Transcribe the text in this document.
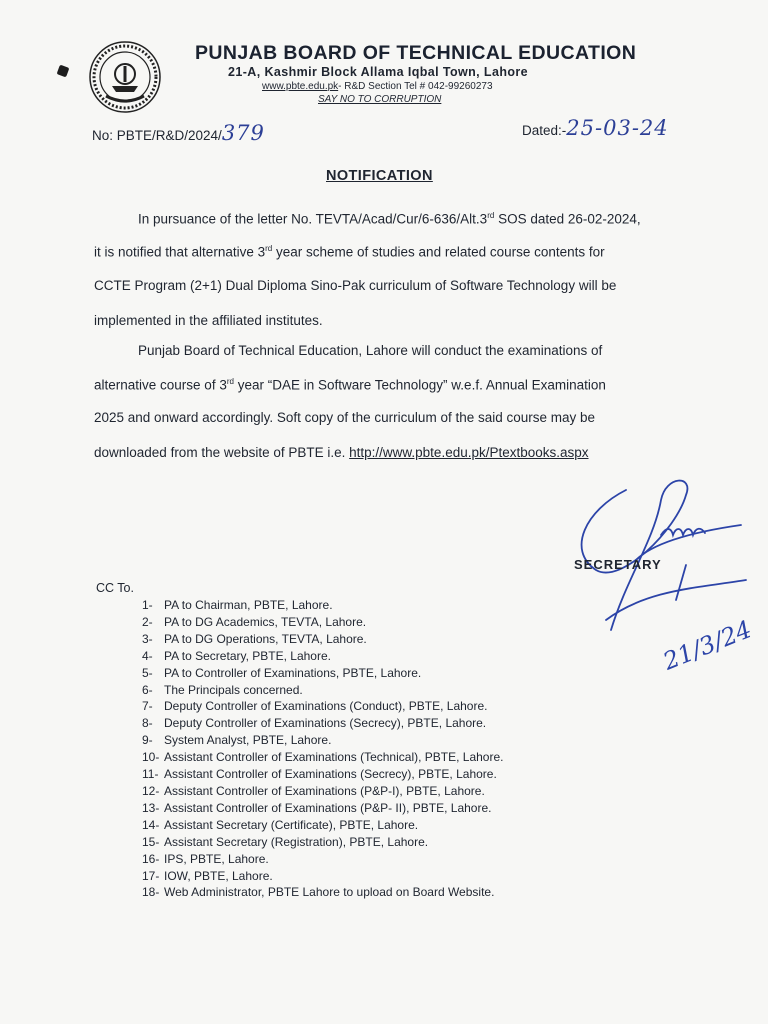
PUNJAB BOARD OF TECHNICAL EDUCATION
21-A, Kashmir Block Allama Iqbal Town, Lahore
www.pbte.edu.pk- R&D Section Tel # 042-99260273
SAY NO TO CORRUPTION
No: PBTE/R&D/2024/379	Dated:-25-03-24
NOTIFICATION
In pursuance of the letter No. TEVTA/Acad/Cur/6-636/Alt.3rd SOS dated 26-02-2024,
it is notified that alternative 3rd year scheme of studies and related course contents for
CCTE Program (2+1) Dual Diploma Sino-Pak curriculum of Software Technology will be
implemented in the affiliated institutes.
Punjab Board of Technical Education, Lahore will conduct the examinations of
alternative course of 3rd year “DAE in Software Technology” w.e.f. Annual Examination
2025 and onward accordingly. Soft copy of the curriculum of the said course may be
downloaded from the website of PBTE i.e. http://www.pbte.edu.pk/Ptextbooks.aspx
21/3/24
SECRETARY
CC To.
1- PA to Chairman, PBTE, Lahore.
2- PA to DG Academics, TEVTA, Lahore.
3- PA to DG Operations, TEVTA, Lahore.
4- PA to Secretary, PBTE, Lahore.
5- PA to Controller of Examinations, PBTE, Lahore.
6- The Principals concerned.
7- Deputy Controller of Examinations (Conduct), PBTE, Lahore.
8- Deputy Controller of Examinations (Secrecy), PBTE, Lahore.
9- System Analyst, PBTE, Lahore.
10- Assistant Controller of Examinations (Technical), PBTE, Lahore.
11- Assistant Controller of Examinations (Secrecy), PBTE, Lahore.
12- Assistant Controller of Examinations (P&P-I), PBTE, Lahore.
13- Assistant Controller of Examinations (P&P- II), PBTE, Lahore.
14- Assistant Secretary (Certificate), PBTE, Lahore.
15- Assistant Secretary (Registration), PBTE, Lahore.
16- IPS, PBTE, Lahore.
17- IOW, PBTE, Lahore.
18- Web Administrator, PBTE Lahore to upload on Board Website.
